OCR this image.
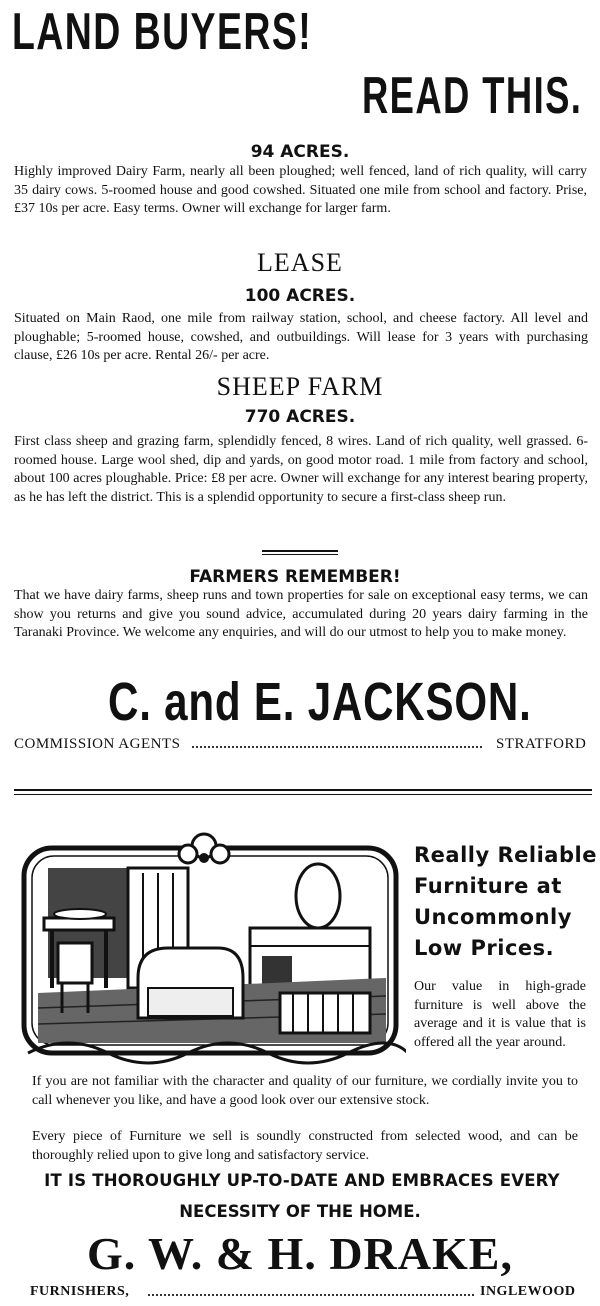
LAND BUYERS!
READ THIS.
94 ACRES.
Highly improved Dairy Farm, nearly all been ploughed; well fenced, land of rich quality, will carry 35 dairy cows. 5-roomed house and good cowshed. Situated one mile from school and factory. Prise, £37 10s per acre. Easy terms. Owner will exchange for larger farm.
LEASE
100 ACRES.
Situated on Main Raod, one mile from railway station, school, and cheese factory. All level and ploughable; 5-roomed house, cowshed, and outbuildings. Will lease for 3 years with purchasing clause, £26 10s per acre. Rental 26/- per acre.
SHEEP FARM
770 ACRES.
First class sheep and grazing farm, splendidly fenced, 8 wires. Land of rich quality, well grassed. 6-roomed house. Large wool shed, dip and yards, on good motor road. 1 mile from factory and school, about 100 acres ploughable. Price: £8 per acre. Owner will exchange for any interest bearing property, as he has left the district. This is a splendid opportunity to secure a first-class sheep run.
FARMERS REMEMBER!
That we have dairy farms, sheep runs and town properties for sale on exceptional easy terms, we can show you returns and give you sound advice, accumulated during 20 years dairy farming in the Taranaki Province. We welcome any enquiries, and will do our utmost to help you to make money.
C. and E. JACKSON.
COMMISSION AGENTS	STRATFORD
Really Reliable
Furniture at
Uncommonly
Low Prices.
Our value in high-grade furniture is well above the average and it is value that is offered all the year around.
If you are not familiar with the character and quality of our furniture, we cordially invite you to call whenever you like, and have a good look over our extensive stock.
Every piece of Furniture we sell is soundly constructed from selected wood, and can be thoroughly relied upon to give long and satisfactory service.
IT IS THOROUGHLY UP-TO-DATE AND EMBRACES EVERY
NECESSITY OF THE HOME.
G. W. & H. DRAKE,
FURNISHERS,	INGLEWOOD
